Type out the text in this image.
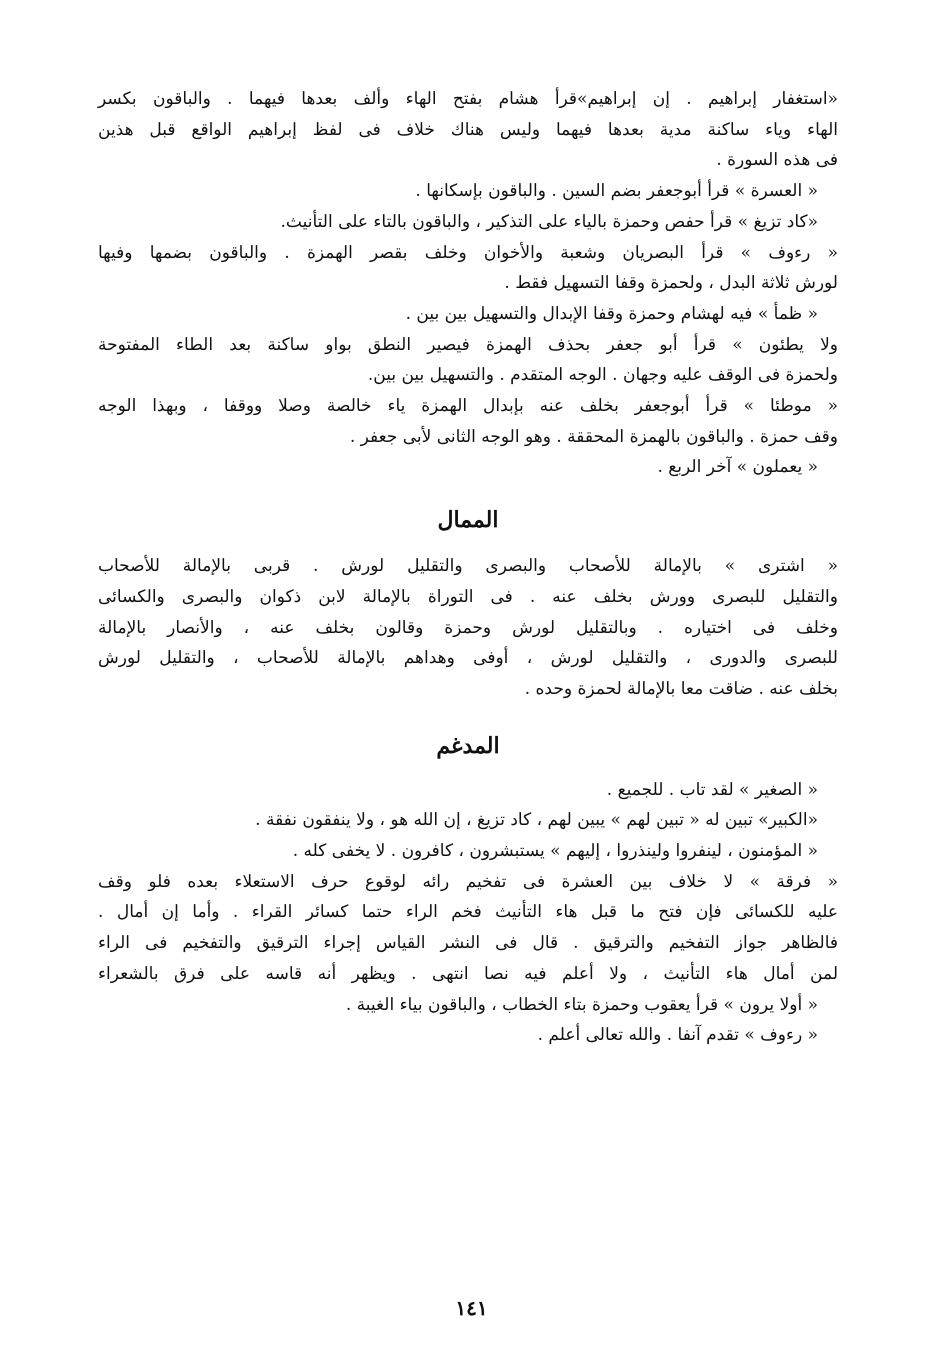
«استغفار إبراهيم . إن إبراهيم»قرأ هشام بفتح الهاء وألف بعدها فيهما . والباقون بكسر
الهاء وياء ساكنة مدية بعدها فيهما وليس هناك خلاف فى لفظ إبراهيم الواقع قبل هذين
فى هذه السورة .
« العسرة » قرأ أبوجعفر بضم السين . والباقون بإسكانها .
«كاد تزيغ » قرأ حفص وحمزة بالياء على التذكير ، والباقون بالتاء على التأنيث.
« رءوف » قرأ البصريان وشعبة والأخوان وخلف بقصر الهمزة . والباقون بضمها وفيها
لورش ثلاثة البدل ، ولحمزة وقفا التسهيل فقط .
« ظمأ » فيه لهشام وحمزة وقفا الإبدال والتسهيل بين بين .
ولا يطئون » قرأ أبو جعفر بحذف الهمزة فيصير النطق بواو ساكنة بعد الطاء المفتوحة
ولحمزة فى الوقف عليه وجهان . الوجه المتقدم . والتسهيل بين بين.
« موطئا » قرأ أبوجعفر بخلف عنه بإبدال الهمزة ياء خالصة وصلا ووقفا ، وبهذا الوجه
وقف حمزة . والباقون بالهمزة المحققة . وهو الوجه الثانى لأبى جعفر .
« يعملون » آخر الربع .
الممال
« اشترى » بالإمالة للأصحاب والبصرى والتقليل لورش . قربى بالإمالة للأصحاب
والتقليل للبصرى وورش بخلف عنه . فى التوراة بالإمالة لابن ذكوان والبصرى والكسائى
وخلف فى اختياره . وبالتقليل لورش وحمزة وقالون بخلف عنه ، والأنصار بالإمالة
للبصرى والدورى ، والتقليل لورش ، أوفى وهداهم بالإمالة للأصحاب ، والتقليل لورش
بخلف عنه . ضاقت معا بالإمالة لحمزة وحده .
المدغم
« الصغير » لقد تاب . للجميع .
«الكبير» تبين له « تبين لهم » يبين لهم ، كاد تزيغ ، إن الله هو ، ولا ينفقون نفقة .
« المؤمنون ، لينفروا ولينذروا ، إليهم » يستبشرون ، كافرون . لا يخفى كله .
« فرقة » لا خلاف بين العشرة فى تفخيم رائه لوقوع حرف الاستعلاء بعده فلو وقف
عليه للكسائى فإن فتح ما قبل هاء التأنيث فخم الراء حتما كسائر القراء . وأما إن أمال .
فالظاهر جواز التفخيم والترقيق . قال فى النشر القياس إجراء الترقيق والتفخيم فى الراء
لمن أمال هاء التأنيث ، ولا أعلم فيه نصا انتهى . ويظهر أنه قاسه على فرق بالشعراء
« أولا يرون » قرأ يعقوب وحمزة بتاء الخطاب ، والباقون بياء الغيبة .
« رءوف » تقدم آنفا . والله تعالى أعلم .
١٤١
